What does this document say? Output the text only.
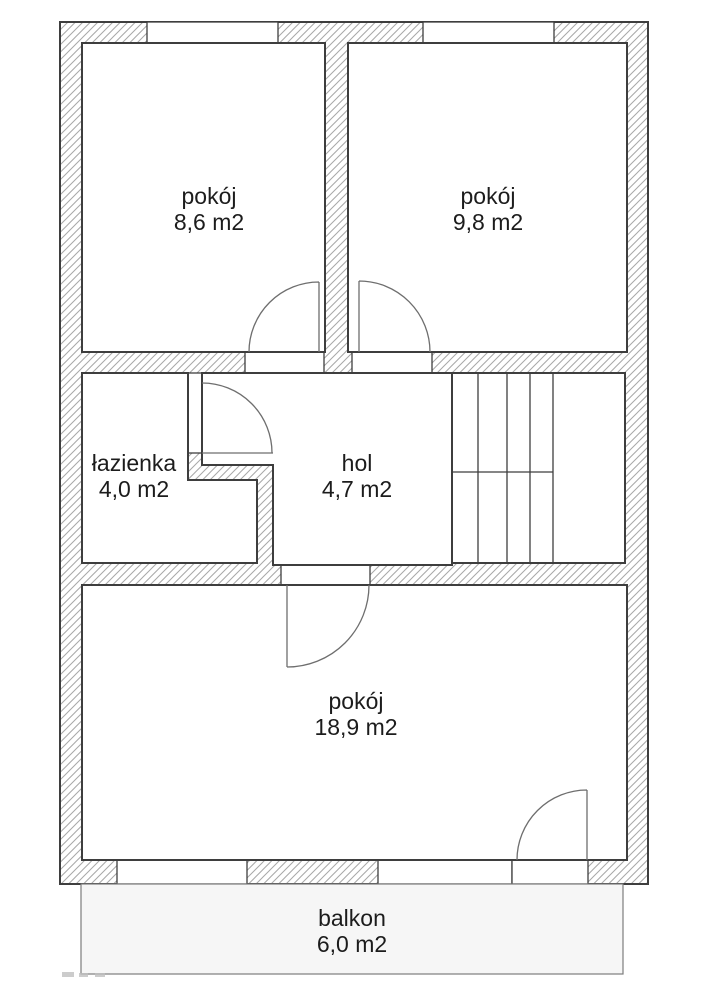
pokój
8,6 m2
pokój
9,8 m2
łazienka
4,0 m2
hol
4,7 m2
pokój
18,9 m2
balkon
6,0 m2
